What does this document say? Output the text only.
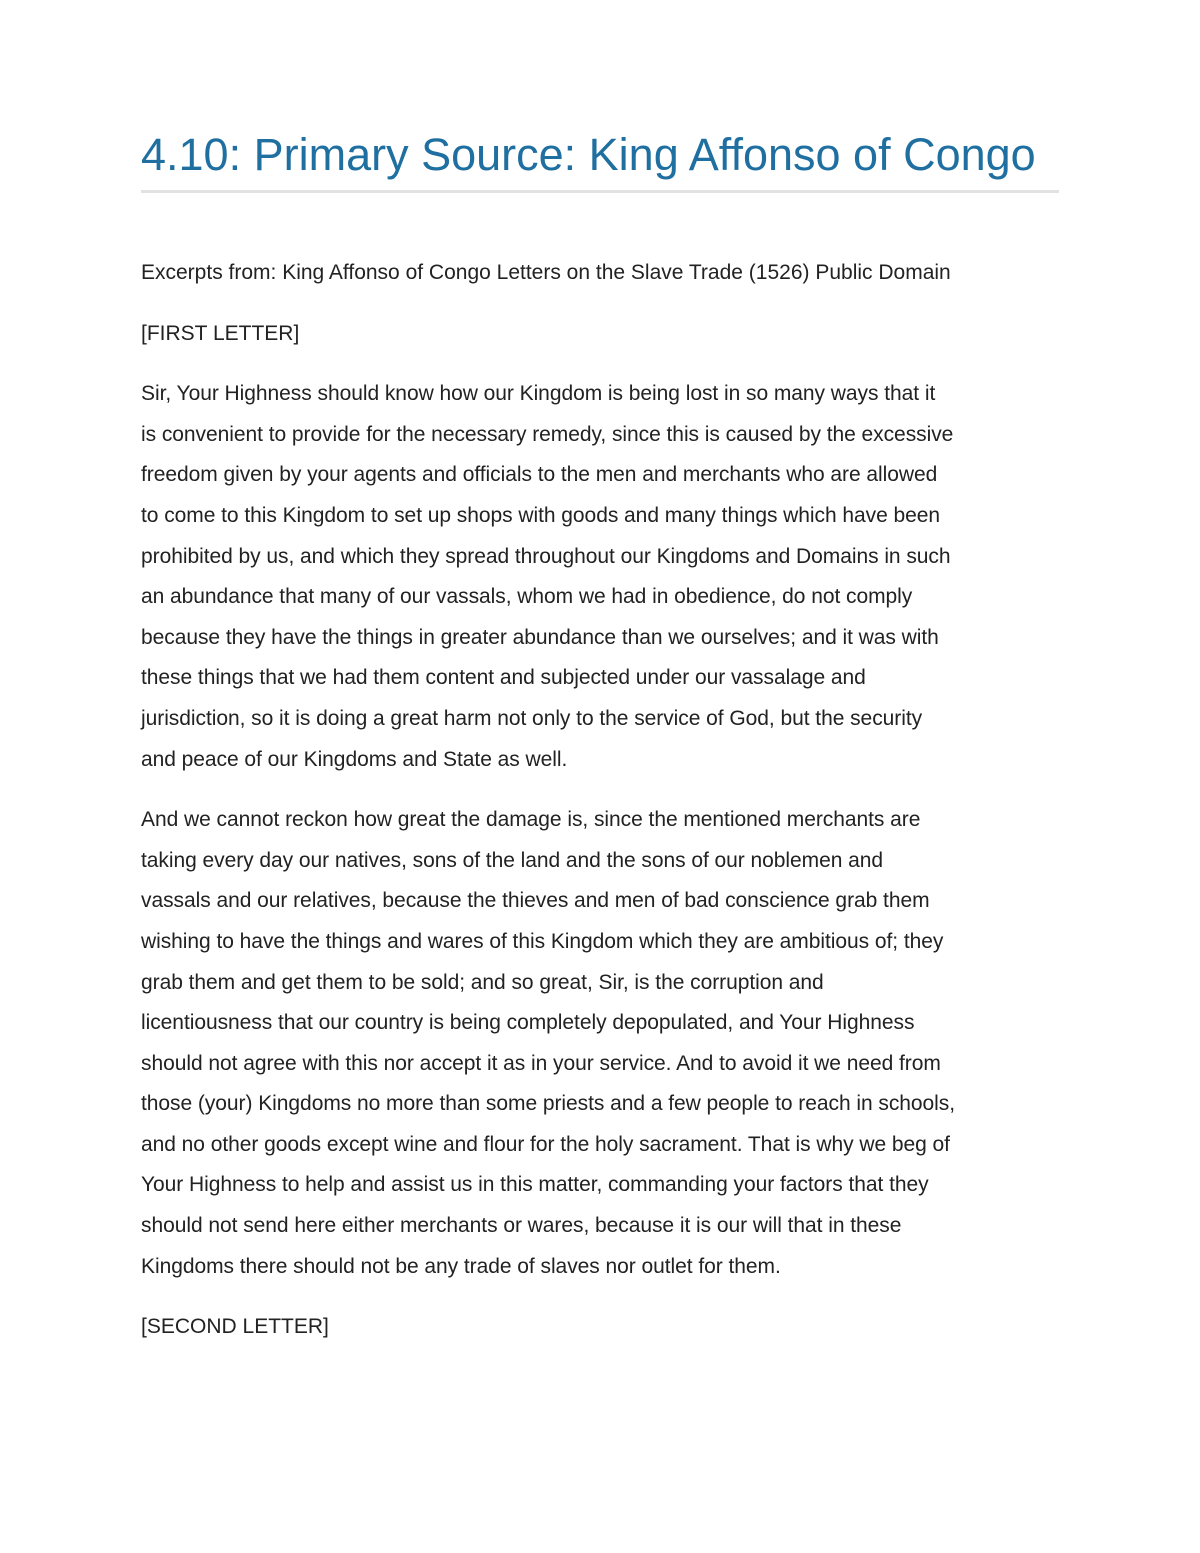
4.10: Primary Source: King Affonso of Congo

Excerpts from: King Affonso of Congo Letters on the Slave Trade (1526) Public Domain

[FIRST LETTER]

Sir, Your Highness should know how our Kingdom is being lost in so many ways that it
is convenient to provide for the necessary remedy, since this is caused by the excessive
freedom given by your agents and officials to the men and merchants who are allowed
to come to this Kingdom to set up shops with goods and many things which have been
prohibited by us, and which they spread throughout our Kingdoms and Domains in such
an abundance that many of our vassals, whom we had in obedience, do not comply
because they have the things in greater abundance than we ourselves; and it was with
these things that we had them content and subjected under our vassalage and
jurisdiction, so it is doing a great harm not only to the service of God, but the security
and peace of our Kingdoms and State as well.

And we cannot reckon how great the damage is, since the mentioned merchants are
taking every day our natives, sons of the land and the sons of our noblemen and
vassals and our relatives, because the thieves and men of bad conscience grab them
wishing to have the things and wares of this Kingdom which they are ambitious of; they
grab them and get them to be sold; and so great, Sir, is the corruption and
licentiousness that our country is being completely depopulated, and Your Highness
should not agree with this nor accept it as in your service. And to avoid it we need from
those (your) Kingdoms no more than some priests and a few people to reach in schools,
and no other goods except wine and flour for the holy sacrament. That is why we beg of
Your Highness to help and assist us in this matter, commanding your factors that they
should not send here either merchants or wares, because it is our will that in these
Kingdoms there should not be any trade of slaves nor outlet for them.

[SECOND LETTER]
